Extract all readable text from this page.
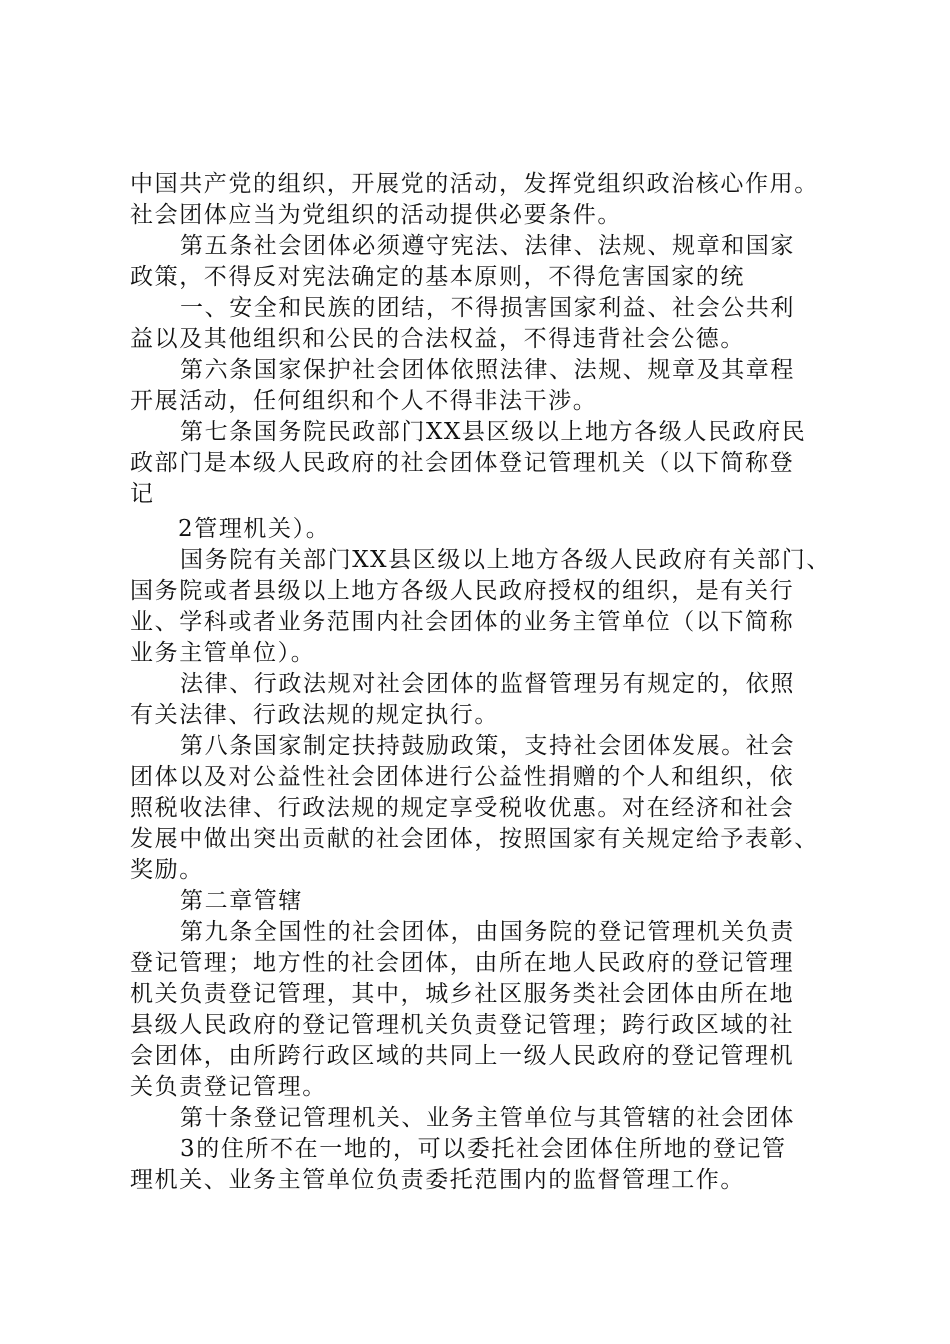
中国共产党的组织，开展党的活动，发挥党组织政治核心作用。
社会团体应当为党组织的活动提供必要条件。
第五条社会团体必须遵守宪法、法律、法规、规章和国家
政策，不得反对宪法确定的基本原则，不得危害国家的统
一、安全和民族的团结，不得损害国家利益、社会公共利
益以及其他组织和公民的合法权益，不得违背社会公德。
第六条国家保护社会团体依照法律、法规、规章及其章程
开展活动，任何组织和个人不得非法干涉。
第七条国务院民政部门XX县区级以上地方各级人民政府民
政部门是本级人民政府的社会团体登记管理机关（以下简称登
记
2管理机关）。
国务院有关部门XX县区级以上地方各级人民政府有关部门、
国务院或者县级以上地方各级人民政府授权的组织，是有关行
业、学科或者业务范围内社会团体的业务主管单位（以下简称
业务主管单位）。
法律、行政法规对社会团体的监督管理另有规定的，依照
有关法律、行政法规的规定执行。
第八条国家制定扶持鼓励政策，支持社会团体发展。社会
团体以及对公益性社会团体进行公益性捐赠的个人和组织，依
照税收法律、行政法规的规定享受税收优惠。对在经济和社会
发展中做出突出贡献的社会团体，按照国家有关规定给予表彰、
奖励。
第二章管辖
第九条全国性的社会团体，由国务院的登记管理机关负责
登记管理；地方性的社会团体，由所在地人民政府的登记管理
机关负责登记管理，其中，城乡社区服务类社会团体由所在地
县级人民政府的登记管理机关负责登记管理；跨行政区域的社
会团体，由所跨行政区域的共同上一级人民政府的登记管理机
关负责登记管理。
第十条登记管理机关、业务主管单位与其管辖的社会团体
3的住所不在一地的，可以委托社会团体住所地的登记管
理机关、业务主管单位负责委托范围内的监督管理工作。
